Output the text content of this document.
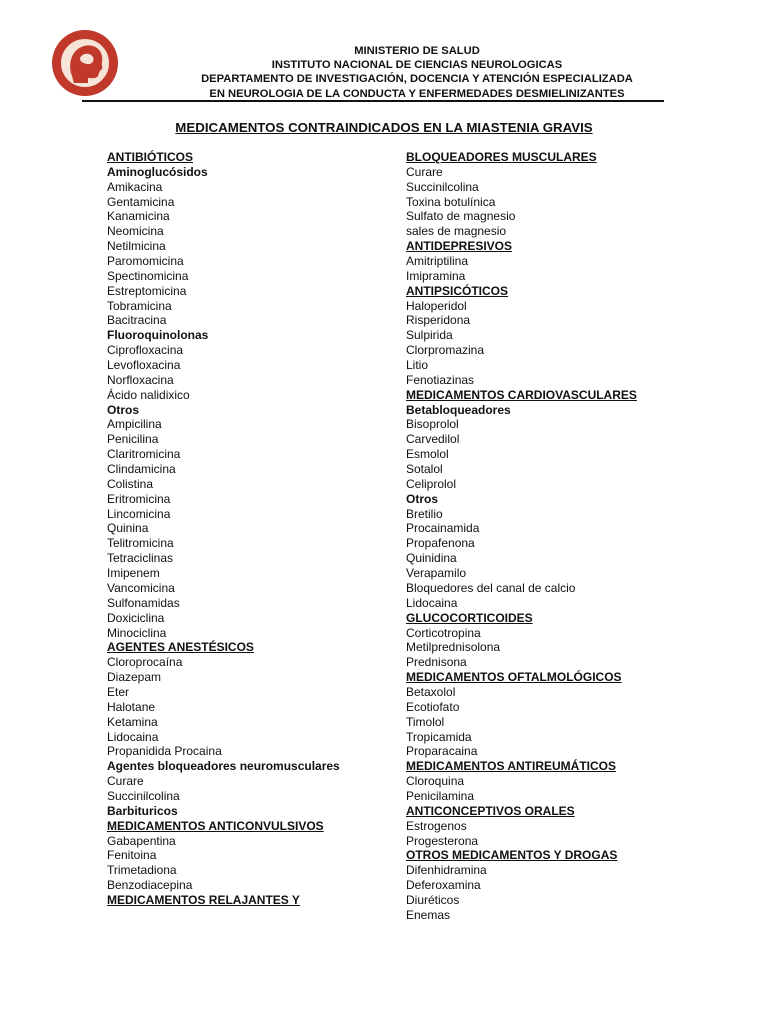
MINISTERIO DE SALUD
INSTITUTO NACIONAL DE CIENCIAS NEUROLOGICAS
DEPARTAMENTO DE INVESTIGACIÓN, DOCENCIA Y ATENCIÓN ESPECIALIZADA
EN NEUROLOGIA DE LA CONDUCTA Y ENFERMEDADES DESMIELINIZANTES
MEDICAMENTOS CONTRAINDICADOS EN LA MIASTENIA GRAVIS
ANTIBIÓTICOS
Aminoglucósidos
Amikacina
Gentamicina
Kanamicina
Neomicina
Netilmicina
Paromomicina
Spectinomicina
Estreptomicina
Tobramicina
Bacitracina
Fluoroquinolonas
Ciprofloxacina
Levofloxacina
Norfloxacina
Ácido nalidixico
Otros
Ampicilina
Penicilina
Claritromicina
Clindamicina
Colistina
Eritromicina
Lincomicina
Quinina
Telitromicina
Tetraciclinas
Imipenem
Vancomicina
Sulfonamidas
Doxiciclina
Minociclina
AGENTES ANESTÉSICOS
Cloroprocaína
Diazepam
Eter
Halotane
Ketamina
Lidocaina
Propanidida Procaina
Agentes bloqueadores neuromusculares
Curare
Succinilcolina
Barbituricos
MEDICAMENTOS ANTICONVULSIVOS
Gabapentina
Fenitoina
Trimetadiona
Benzodiacepina
MEDICAMENTOS RELAJANTES Y
BLOQUEADORES MUSCULARES
Curare
Succinilcolina
Toxina botulínica
Sulfato de magnesio
sales de magnesio
ANTIDEPRESIVOS
Amitriptilina
Imipramina
ANTIPSICÓTICOS
Haloperidol
Risperidona
Sulpirida
Clorpromazina
Litio
Fenotiazinas
MEDICAMENTOS CARDIOVASCULARES
Betabloqueadores
Bisoprolol
Carvedilol
Esmolol
Sotalol
Celiprolol
Otros
Bretilio
Procainamida
Propafenona
Quinidina
Verapamilo
Bloquedores del canal de calcio
Lidocaina
GLUCOCORTICOIDES
Corticotropina
Metilprednisolona
Prednisona
MEDICAMENTOS OFTALMOLÓGICOS
Betaxolol
Ecotiofato
Timolol
Tropicamida
Proparacaina
MEDICAMENTOS ANTIREUMÁTICOS
Cloroquina
Penicilamina
ANTICONCEPTIVOS ORALES
Estrogenos
Progesterona
OTROS MEDICAMENTOS Y DROGAS
Difenhidramina
Deferoxamina
Diuréticos
Enemas
